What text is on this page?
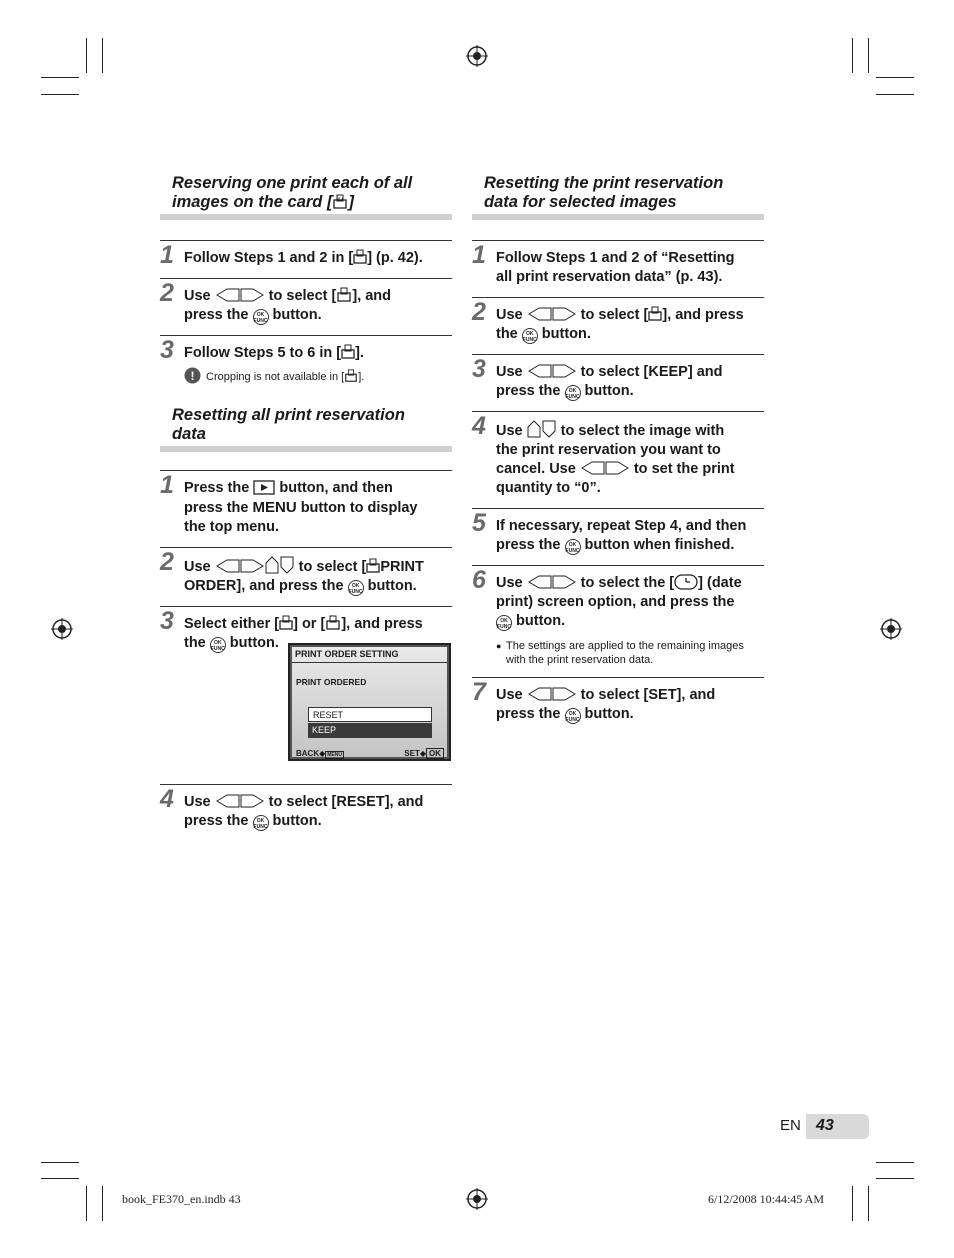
Reserving one print each of all
images on the card [ ALL ]
1 Follow Steps 1 and 2 in [ ] (p. 42).
2 Use	to select [ ], and
press the OK
FUNC button.
3 Follow Steps 5 to 6 in [ ].
! Cropping is not available in [ ].
Resetting all print reservation
data
1 Press the  button, and then
press the MENU button to display
the top menu.
2 Use	to select [ PRINT
ORDER], and press the OK
FUNC button.
3 Select either [ ] or [ ], and press
the OK
FUNC button.
4 Use	to select [RESET], and
press the OK
FUNC button.
PRINT ORDER SETTING
PRINT ORDERED
RESET
KEEP
BACK◆ MENU	SET◆ OK
Resetting the print reservation
data for selected images
1 Follow Steps 1 and 2 of “Resetting
all print reservation data” (p. 43).
2 Use	to select [ ], and press
the OK
FUNC button.
3 Use	to select [KEEP] and
press the OK
FUNC button.
4 Use  to select the image with
the print reservation you want to
cancel. Use	to set the print
quantity to “0”.
5 If necessary, repeat Step 4, and then
press the OK
FUNC button when finished.
6 Use	to select the [ ] (date
print) screen option, and press the
OK
FUNC button.
● The settings are applied to the remaining images
with the print reservation data.
7 Use	to select [SET], and
press the OK
FUNC button.
EN 43
book_FE370_en.indb 43	6/12/2008 10:44:45 AM
